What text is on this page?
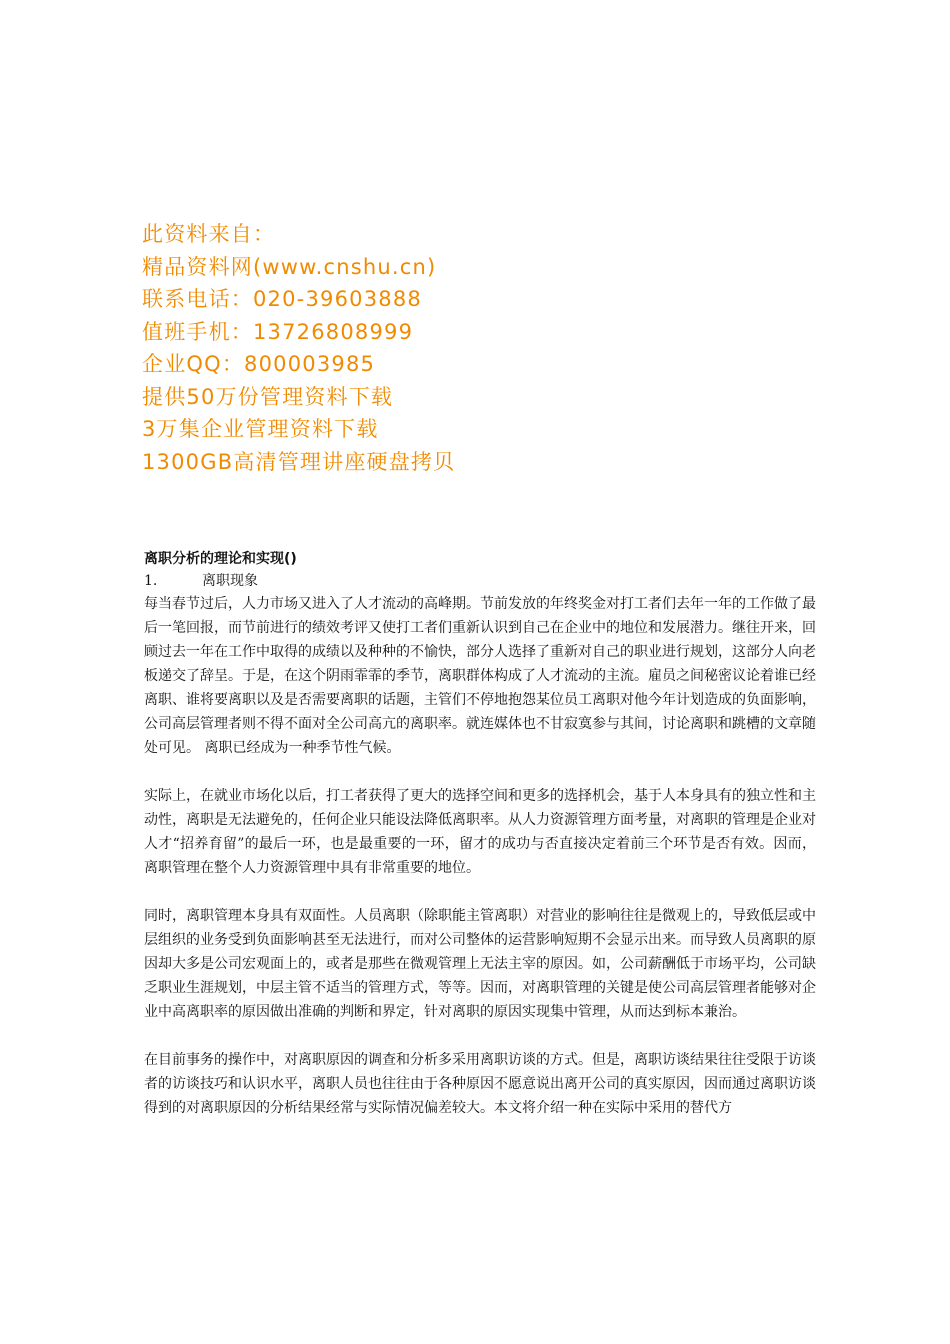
此资料来自：
精品资料网(www.cnshu.cn)
联系电话：020-39603888
值班手机：13726808999
企业QQ：800003985
提供50万份管理资料下载
3万集企业管理资料下载
1300GB高清管理讲座硬盘拷贝

离职分析的理论和实现()

1.	离职现象

每当春节过后，人力市场又进入了人才流动的高峰期。节前发放的年终奖金对打工者们去年一年的工作做了最后一笔回报，而节前进行的绩效考评又使打工者们重新认识到自己在企业中的地位和发展潜力。继往开来，回顾过去一年在工作中取得的成绩以及种种的不愉快，部分人选择了重新对自己的职业进行规划，这部分人向老板递交了辞呈。于是，在这个阴雨霏霏的季节，离职群体构成了人才流动的主流。雇员之间秘密议论着谁已经离职、谁将要离职以及是否需要离职的话题，主管们不停地抱怨某位员工离职对他今年计划造成的负面影响，公司高层管理者则不得不面对全公司高亢的离职率。就连媒体也不甘寂寞参与其间，讨论离职和跳槽的文章随处可见。 离职已经成为一种季节性气候。

实际上，在就业市场化以后，打工者获得了更大的选择空间和更多的选择机会，基于人本身具有的独立性和主动性，离职是无法避免的，任何企业只能设法降低离职率。从人力资源管理方面考量，对离职的管理是企业对人才“招养育留”的最后一环，也是最重要的一环，留才的成功与否直接决定着前三个环节是否有效。因而，离职管理在整个人力资源管理中具有非常重要的地位。

同时，离职管理本身具有双面性。人员离职（除职能主管离职）对营业的影响往往是微观上的，导致低层或中层组织的业务受到负面影响甚至无法进行，而对公司整体的运营影响短期不会显示出来。而导致人员离职的原因却大多是公司宏观面上的，或者是那些在微观管理上无法主宰的原因。如，公司薪酬低于市场平均，公司缺乏职业生涯规划，中层主管不适当的管理方式，等等。因而，对离职管理的关键是使公司高层管理者能够对企业中高离职率的原因做出准确的判断和界定，针对离职的原因实现集中管理，从而达到标本兼治。

在目前事务的操作中，对离职原因的调查和分析多采用离职访谈的方式。但是，离职访谈结果往往受限于访谈者的访谈技巧和认识水平，离职人员也往往由于各种原因不愿意说出离开公司的真实原因，因而通过离职访谈得到的对离职原因的分析结果经常与实际情况偏差较大。本文将介绍一种在实际中采用的替代方
